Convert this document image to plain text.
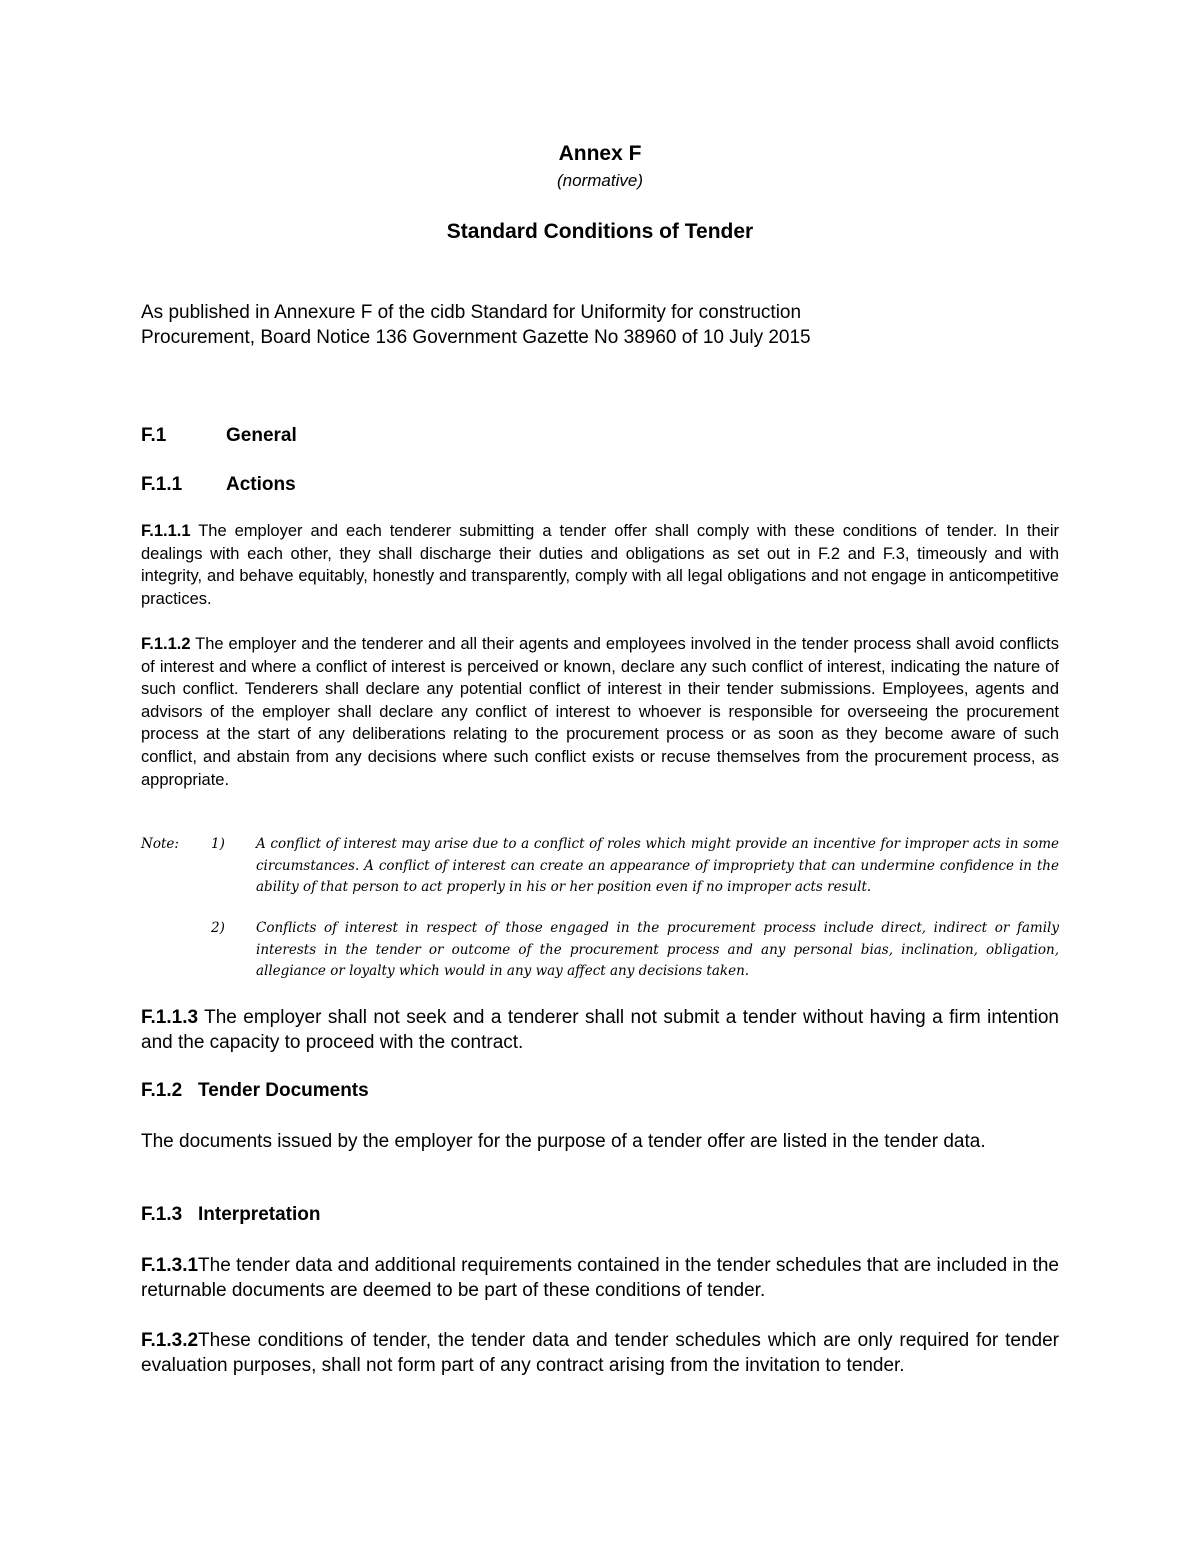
Annex F
(normative)
Standard Conditions of Tender

As published in Annexure F of the cidb Standard for Uniformity for construction

Procurement, Board Notice 136 Government Gazette No 38960 of 10 July 2015

F.1	General
F.1.1 Actions

F.1.1.1 The employer and each tenderer submitting a tender offer shall comply with these conditions of tender. In their dealings with each other, they shall discharge their duties and obligations as set out in F.2 and F.3, timeously and with integrity, and behave equitably, honestly and transparently, comply with all legal obligations and not engage in anticompetitive practices.

F.1.1.2 The employer and the tenderer and all their agents and employees involved in the tender process shall avoid conflicts of interest and where a conflict of interest is perceived or known, declare any such conflict of interest, indicating the nature of such conflict. Tenderers shall declare any potential conflict of interest in their tender submissions. Employees, agents and advisors of the employer shall declare any conflict of interest to whoever is responsible for overseeing the procurement process at the start of any deliberations relating to the procurement process or as soon as they become aware of such conflict, and abstain from any decisions where such conflict exists or recuse themselves from the procurement process, as appropriate.

Note: 1) A conflict of interest may arise due to a conflict of roles which might provide an incentive for improper acts in some circumstances. A conflict of interest can create an appearance of impropriety that can undermine confidence in the ability of that person to act properly in his or her position even if no improper acts result.
2) Conflicts of interest in respect of those engaged in the procurement process include direct, indirect or family interests in the tender or outcome of the procurement process and any personal bias, inclination, obligation, allegiance or loyalty which would in any way affect any decisions taken.

F.1.1.3 The employer shall not seek and a tenderer shall not submit a tender without having a firm intention and the capacity to proceed with the contract.

F.1.2   Tender Documents

The documents issued by the employer for the purpose of a tender offer are listed in the tender data.

F.1.3   Interpretation

F.1.3.1The tender data and additional requirements contained in the tender schedules that are included in the returnable documents are deemed to be part of these conditions of tender.

F.1.3.2These conditions of tender, the tender data and tender schedules which are only required for tender evaluation purposes, shall not form part of any contract arising from the invitation to tender.
